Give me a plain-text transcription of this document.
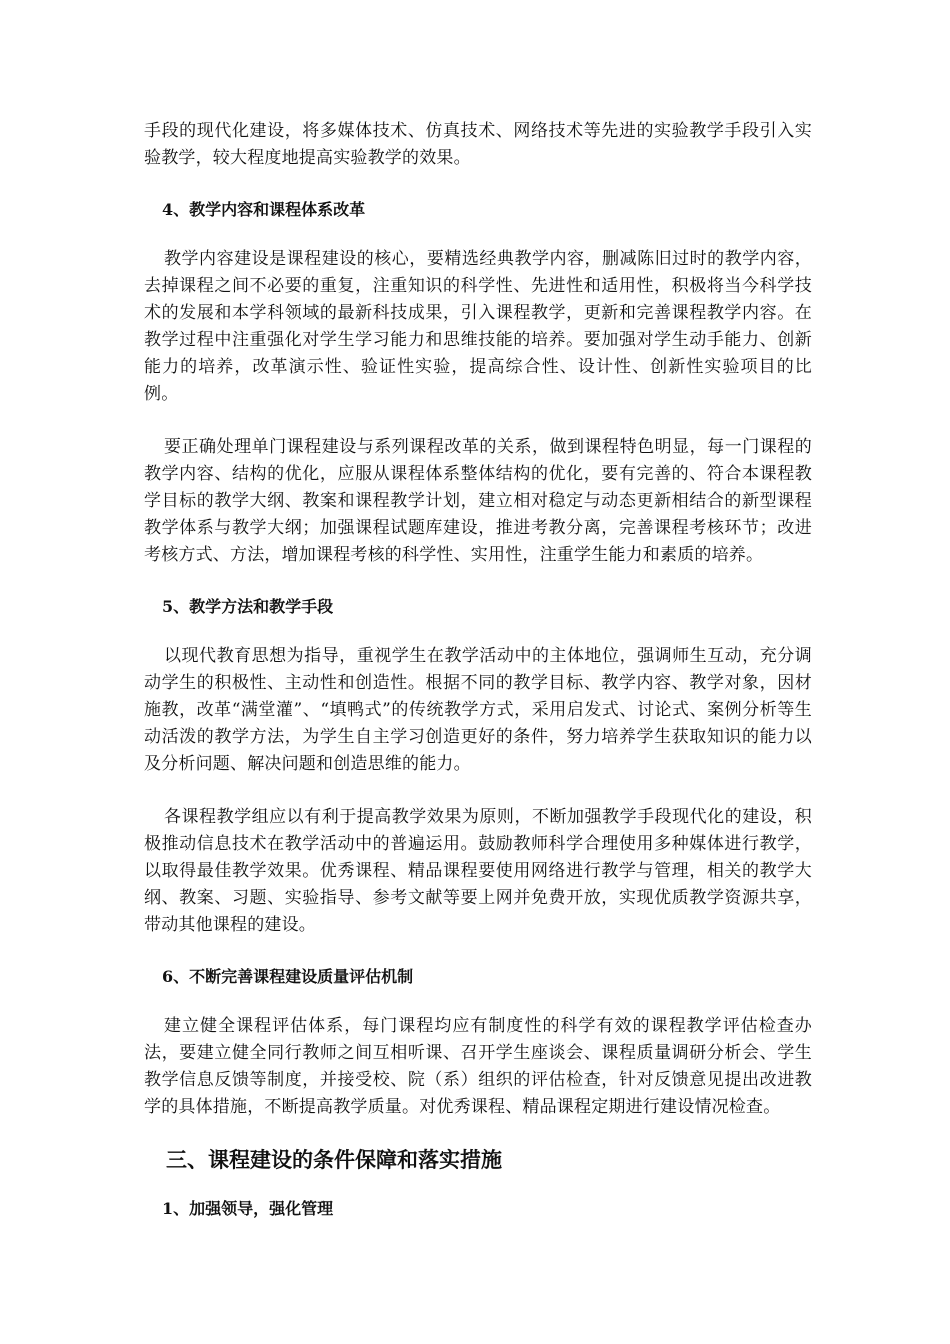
手段的现代化建设，将多媒体技术、仿真技术、网络技术等先进的实验教学手段引入实验教学，较大程度地提高实验教学的效果。

4、教学内容和课程体系改革

教学内容建设是课程建设的核心，要精选经典教学内容，删减陈旧过时的教学内容，去掉课程之间不必要的重复，注重知识的科学性、先进性和适用性，积极将当今科学技术的发展和本学科领域的最新科技成果，引入课程教学，更新和完善课程教学内容。在教学过程中注重强化对学生学习能力和思维技能的培养。要加强对学生动手能力、创新能力的培养，改革演示性、验证性实验，提高综合性、设计性、创新性实验项目的比例。

要正确处理单门课程建设与系列课程改革的关系，做到课程特色明显，每一门课程的教学内容、结构的优化，应服从课程体系整体结构的优化，要有完善的、符合本课程教学目标的教学大纲、教案和课程教学计划，建立相对稳定与动态更新相结合的新型课程教学体系与教学大纲；加强课程试题库建设，推进考教分离，完善课程考核环节；改进考核方式、方法，增加课程考核的科学性、实用性，注重学生能力和素质的培养。

5、教学方法和教学手段

以现代教育思想为指导，重视学生在教学活动中的主体地位，强调师生互动，充分调动学生的积极性、主动性和创造性。根据不同的教学目标、教学内容、教学对象，因材施教，改革“满堂灌”、“填鸭式”的传统教学方式，采用启发式、讨论式、案例分析等生动活泼的教学方法，为学生自主学习创造更好的条件，努力培养学生获取知识的能力以及分析问题、解决问题和创造思维的能力。

各课程教学组应以有利于提高教学效果为原则，不断加强教学手段现代化的建设，积极推动信息技术在教学活动中的普遍运用。鼓励教师科学合理使用多种媒体进行教学，以取得最佳教学效果。优秀课程、精品课程要使用网络进行教学与管理，相关的教学大纲、教案、习题、实验指导、参考文献等要上网并免费开放，实现优质教学资源共享，带动其他课程的建设。

6、不断完善课程建设质量评估机制

建立健全课程评估体系，每门课程均应有制度性的科学有效的课程教学评估检查办法，要建立健全同行教师之间互相听课、召开学生座谈会、课程质量调研分析会、学生教学信息反馈等制度，并接受校、院（系）组织的评估检查，针对反馈意见提出改进教学的具体措施，不断提高教学质量。对优秀课程、精品课程定期进行建设情况检查。

三、课程建设的条件保障和落实措施

1、加强领导，强化管理
